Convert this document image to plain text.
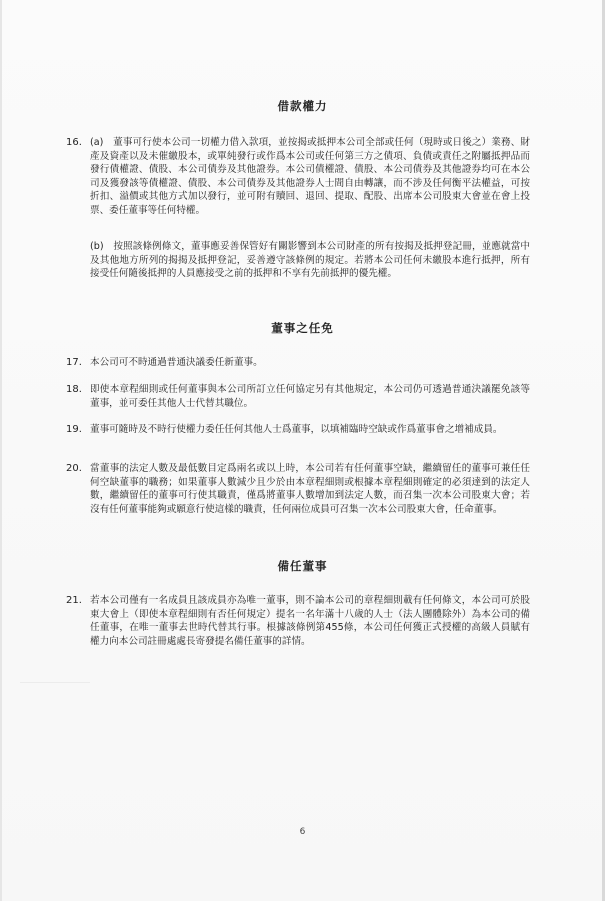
借款權力
16. (a)　董事可行使本公司一切權力借入款項，並按揭或抵押本公司全部或任何（現時或日後之）業務、財產及資產以及未催繳股本，或單純發行或作爲本公司或任何第三方之債項、負債或責任之附屬抵押品而發行債權證、債股、本公司債券及其他證券。本公司債權證、債股、本公司債券及其他證券均可在本公司及獲發該等債權證、債股、本公司債券及其他證券人士間自由轉讓，而不涉及任何衡平法權益，可按折扣、溢價或其他方式加以發行，並可附有贖回、退回、提取、配股、出席本公司股東大會並在會上投票、委任董事等任何特權。
(b)　按照該條例條文，董事應妥善保管好有關影響到本公司財產的所有按揭及抵押登記冊，並應就當中及其他地方所列的揭揭及抵押登記，妥善遵守該條例的規定。若將本公司任何未繳股本進行抵押，所有接受任何隨後抵押的人員應接受之前的抵押和不享有先前抵押的優先權。
董事之任免
17. 本公司可不時通過普通決議委任新董事。
18. 即使本章程細則或任何董事與本公司所訂立任何協定另有其他規定，本公司仍可透過普通決議罷免該等董事，並可委任其他人士代替其職位。
19. 董事可隨時及不時行使權力委任任何其他人士爲董事，以填補臨時空缺或作爲董事會之增補成員。
20. 當董事的法定人數及最低數目定爲兩名或以上時，本公司若有任何董事空缺，繼續留任的董事可兼任任何空缺董事的職務；如果董事人數減少且少於由本章程細則或根據本章程細則確定的必須達到的法定人數，繼續留任的董事可行使其職責，僅爲將董事人數增加到法定人數，而召集一次本公司股東大會；若沒有任何董事能夠或願意行使這樣的職責，任何兩位成員可召集一次本公司股東大會，任命董事。
備任董事
21. 若本公司僅有一名成員且該成員亦為唯一董事，則不論本公司的章程細則載有任何條文，本公司可於股東大會上（即使本章程細則有否任何規定）提名一名年滿十八歲的人士（法人團體除外）為本公司的備任董事，在唯一董事去世時代替其行事。根據該條例第455條，本公司任何獲正式授權的高級人員賦有權力向本公司註冊處處長寄發提名備任董事的詳情。
6
